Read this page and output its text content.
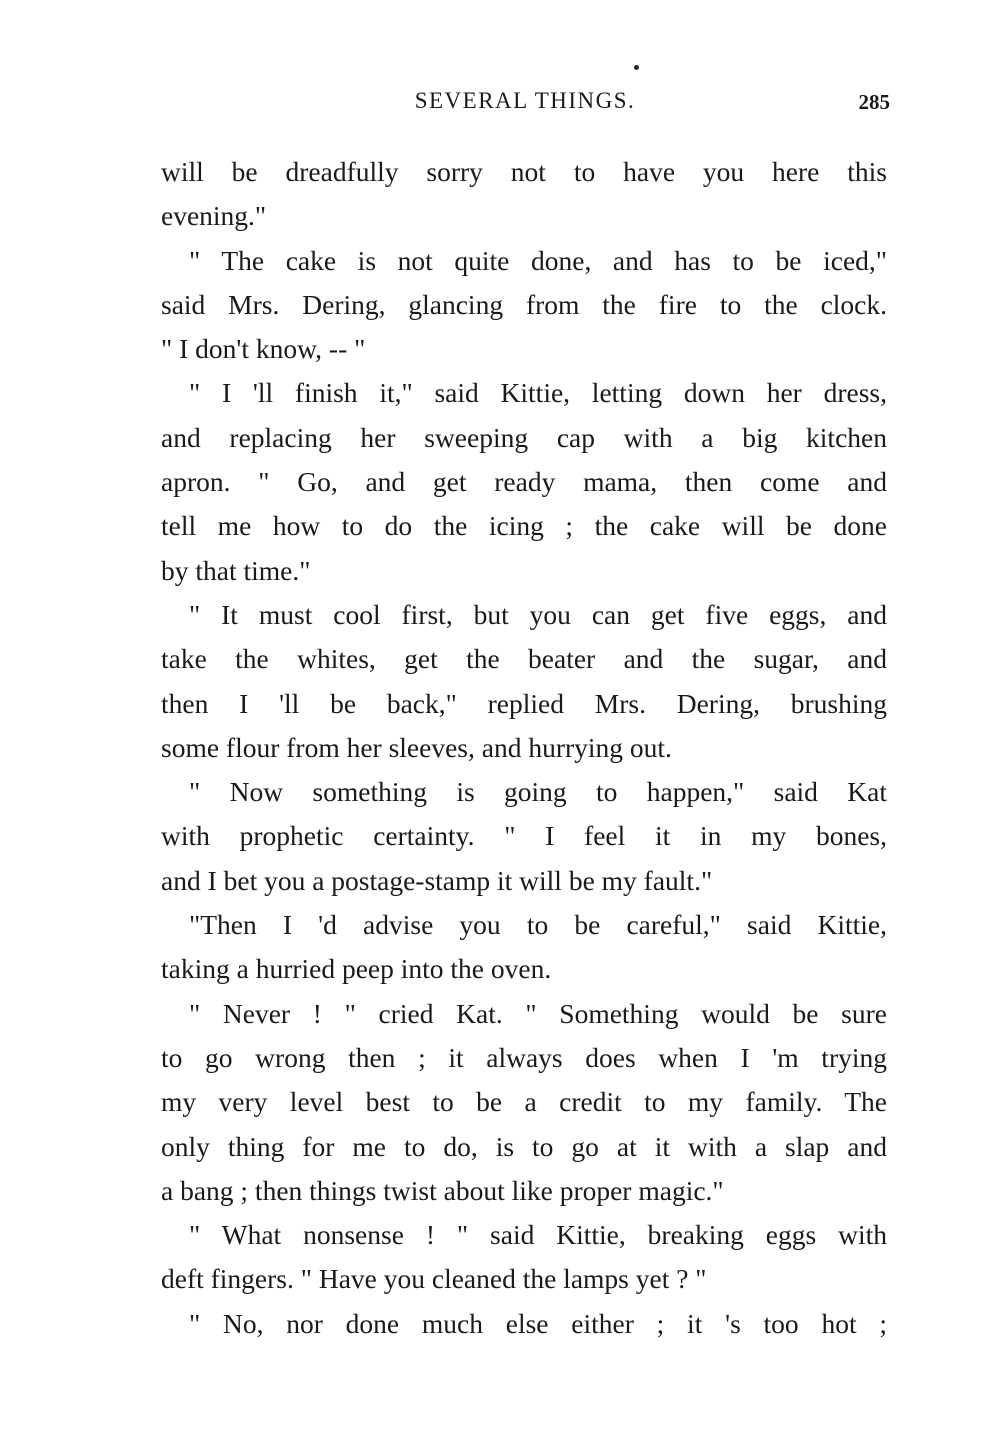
SEVERAL THINGS.	285
will be dreadfully sorry not to have you here this
evening."
" The cake is not quite done, and has to be iced,"
said Mrs. Dering, glancing from the fire to the clock.
" I don't know, -- "
" I 'll finish it," said Kittie, letting down her dress,
and replacing her sweeping cap with a big kitchen
apron. " Go, and get ready mama, then come and
tell me how to do the icing ; the cake will be done
by that time."
" It must cool first, but you can get five eggs, and
take the whites, get the beater and the sugar, and
then I 'll be back," replied Mrs. Dering, brushing
some flour from her sleeves, and hurrying out.
" Now something is going to happen," said Kat
with prophetic certainty. " I feel it in my bones,
and I bet you a postage-stamp it will be my fault."
"Then I 'd advise you to be careful," said Kittie,
taking a hurried peep into the oven.
" Never ! " cried Kat. " Something would be sure
to go wrong then ; it always does when I 'm trying
my very level best to be a credit to my family. The
only thing for me to do, is to go at it with a slap and
a bang ; then things twist about like proper magic."
" What nonsense ! " said Kittie, breaking eggs with
deft fingers. " Have you cleaned the lamps yet ? "
" No, nor done much else either ; it 's too hot ;
